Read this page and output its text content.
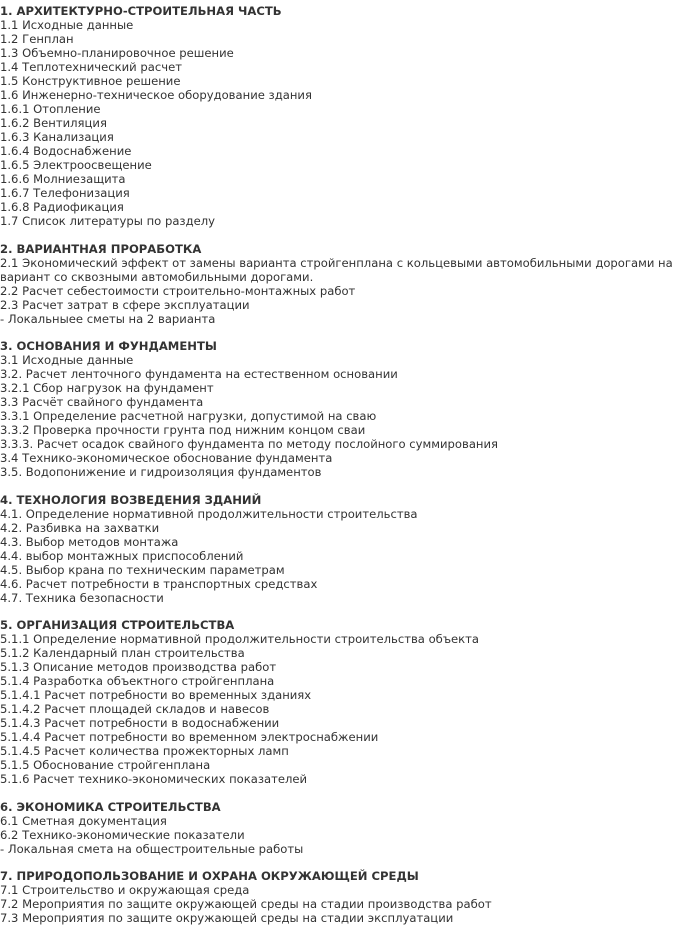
1. АРХИТЕКТУРНО-СТРОИТЕЛЬНАЯ ЧАСТЬ
1.1 Исходные данные
1.2 Генплан
1.3 Объемно-планировочное решение
1.4 Теплотехнический расчет
1.5 Конструктивное решение
1.6 Инженерно-техническое оборудование здания
1.6.1 Отопление
1.6.2 Вентиляция
1.6.3 Канализация
1.6.4 Водоснабжение
1.6.5 Электроосвещение
1.6.6 Молниезащита
1.6.7 Телефонизация
1.6.8 Радиофикация
1.7 Список литературы по разделу
2. ВАРИАНТНАЯ ПРОРАБОТКА
2.1 Экономический эффект от замены варианта стройгенплана с кольцевыми автомобильными дорогами на вариант со сквозными автомобильными дорогами.
2.2 Расчет себестоимости строительно-монтажных работ
2.3 Расчет затрат в сфере эксплуатации
- Локальныее сметы на 2 варианта
3. ОСНОВАНИЯ И ФУНДАМЕНТЫ
3.1 Исходные данные
3.2. Расчет ленточного фундамента на естественном основании
3.2.1 Сбор нагрузок на фундамент
3.3 Расчёт свайного фундамента
3.3.1 Определение расчетной нагрузки, допустимой на сваю
3.3.2 Проверка прочности грунта под нижним концом сваи
3.3.3. Расчет осадок свайного фундамента по методу послойного суммирования
3.4 Технико-экономическое обоснование фундамента
3.5. Водопонижение и гидроизоляция фундаментов
4. ТЕХНОЛОГИЯ ВОЗВЕДЕНИЯ ЗДАНИЙ
4.1. Определение нормативной продолжительности строительства
4.2. Разбивка на захватки
4.3. Выбор методов монтажа
4.4. выбор монтажных приспособлений
4.5. Выбор крана по техническим параметрам
4.6. Расчет потребности в транспортных средствах
4.7. Техника безопасности
5. ОРГАНИЗАЦИЯ СТРОИТЕЛЬСТВА
5.1.1 Определение нормативной продолжительности строительства объекта
5.1.2 Календарный план строительства
5.1.3 Описание методов производства работ
5.1.4 Разработка объектного стройгенплана
5.1.4.1 Расчет потребности во временных зданиях
5.1.4.2 Расчет площадей складов и навесов
5.1.4.3 Расчет потребности в водоснабжении
5.1.4.4 Расчет потребности во временном электроснабжении
5.1.4.5 Расчет количества прожекторных ламп
5.1.5 Обоснование стройгенплана
5.1.6 Расчет технико-экономических показателей
6. ЭКОНОМИКА СТРОИТЕЛЬСТВА
6.1 Сметная документация
6.2 Технико-экономические показатели
- Локальная смета на общестроительные работы
7. ПРИРОДОПОЛЬЗОВАНИЕ И ОХРАНА ОКРУЖАЮЩЕЙ СРЕДЫ
7.1 Строительство и окружающая среда
7.2 Мероприятия по защите окружающей среды на стадии производства работ
7.3 Мероприятия по защите окружающей среды на стадии эксплуатации
